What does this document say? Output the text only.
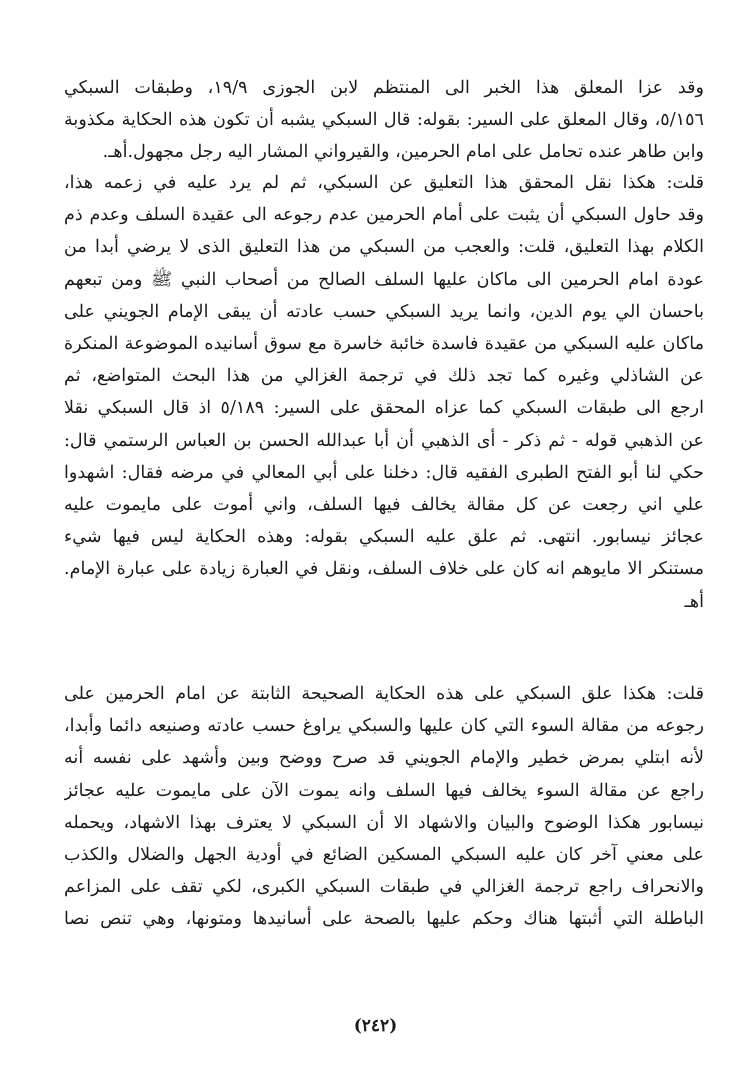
وقد عزا المعلق هذا الخبر الى المنتظم لابن الجوزى ١٩/٩، وطبقات السبكي
٥/١٥٦، وقال المعلق على السير: بقوله: قال السبكي يشبه أن تكون هذه الحكاية مكذوبة
وابن طاهر عنده تحامل على امام الحرمين، والقيرواني المشار اليه رجل مجهول.أهـ.

قلت: هكذا نقل المحقق هذا التعليق عن السبكي، ثم لم يرد عليه في زعمه هذا،
وقد حاول السبكي أن يثبت على أمام الحرمين عدم رجوعه الى عقيدة السلف وعدم ذم
الكلام بهذا التعليق، قلت: والعجب من السبكي من هذا التعليق الذى لا يرضي أبدا من
عودة امام الحرمين الى ماكان عليها السلف الصالح من أصحاب النبي ﷺ ومن تبعهم
باحسان الي يوم الدين، وانما يريد السبكي حسب عادته أن يبقى الإمام الجويني على
ماكان عليه السبكي من عقيدة فاسدة خائبة خاسرة مع سوق أسانيده الموضوعة المنكرة
عن الشاذلي وغيره كما تجد ذلك في ترجمة الغزالي من هذا البحث المتواضع، ثم
ارجع الى طبقات السبكي كما عزاه المحقق على السير: ٥/١٨٩ اذ قال السبكي نقلا
عن الذهبي قوله - ثم ذكر - أى الذهبي أن أبا عبدالله الحسن بن العباس الرستمي قال:
حكي لنا أبو الفتح الطبرى الفقيه قال: دخلنا على أبي المعالي في مرضه فقال: اشهدوا
علي اني رجعت عن كل مقالة يخالف فيها السلف، واني أموت على مايموت عليه
عجائز نيسابور. انتهى. ثم علق عليه السبكي بقوله: وهذه الحكاية ليس فيها شيء
مستنكر الا مايوهم انه كان على خلاف السلف، ونقل في العبارة زيادة على عبارة الإمام.
أهـ

قلت: هكذا علق السبكي على هذه الحكاية الصحيحة الثابتة عن امام الحرمين على
رجوعه من مقالة السوء التي كان عليها والسبكي يراوغ حسب عادته وصنيعه دائما وأبدا،
لأنه ابتلي بمرض خطير والإمام الجويني قد صرح ووضح وبين وأشهد على نفسه أنه
راجع عن مقالة السوء يخالف فيها السلف وانه يموت الآن على مايموت عليه عجائز
نيسابور هكذا الوضوح والبيان والاشهاد الا أن السبكي لا يعترف بهذا الاشهاد، ويحمله
على معني آخر كان عليه السبكي المسكين الضائع في أودية الجهل والضلال والكذب
والانحراف راجع ترجمة الغزالي في طبقات السبكي الكبرى، لكي تقف على المزاعم
الباطلة التي أثبتها هناك وحكم عليها بالصحة على أسانيدها ومتونها، وهي تنص نصا

(٢٤٢)
